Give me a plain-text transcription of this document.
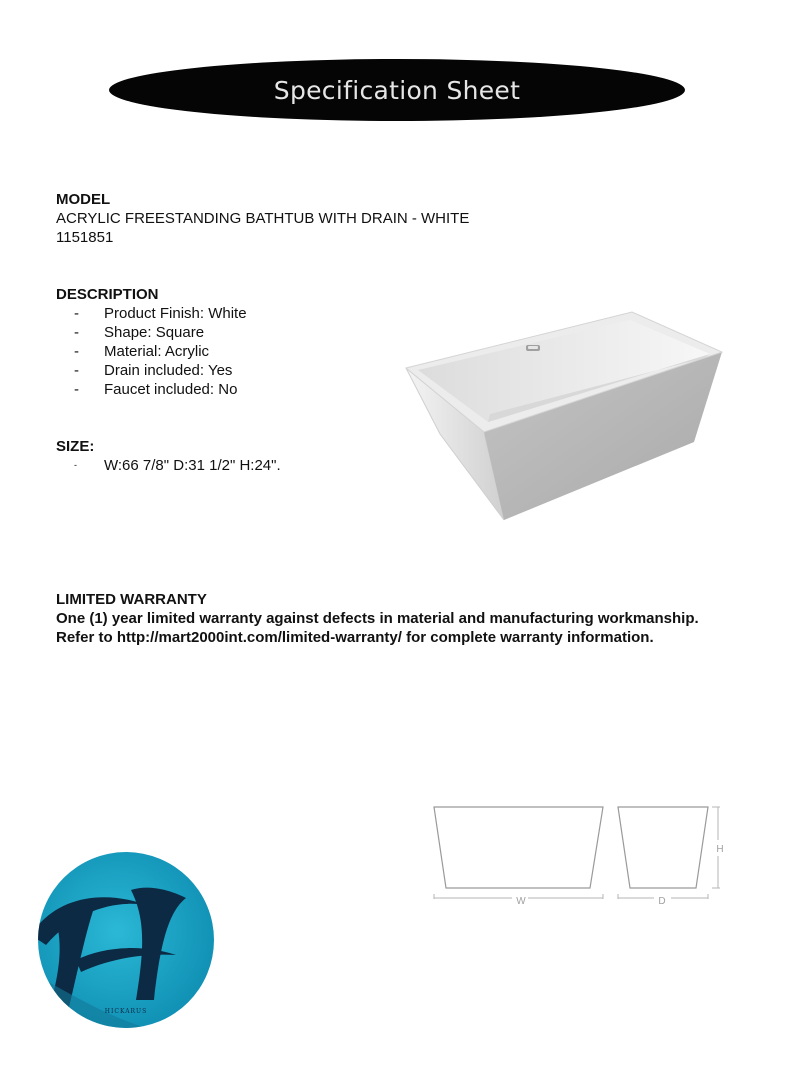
Specification Sheet
MODEL
ACRYLIC FREESTANDING BATHTUB WITH DRAIN - WHITE
1151851
DESCRIPTION
- Product Finish: White
- Shape: Square
- Material: Acrylic
- Drain included: Yes
- Faucet included: No
SIZE:
- W:66 7/8" D:31 1/2" H:24".
LIMITED WARRANTY
One (1) year limited warranty against defects in material and manufacturing workmanship.
Refer to http://mart2000int.com/limited-warranty/ for complete warranty information.
W	D
H
HICKARUS
